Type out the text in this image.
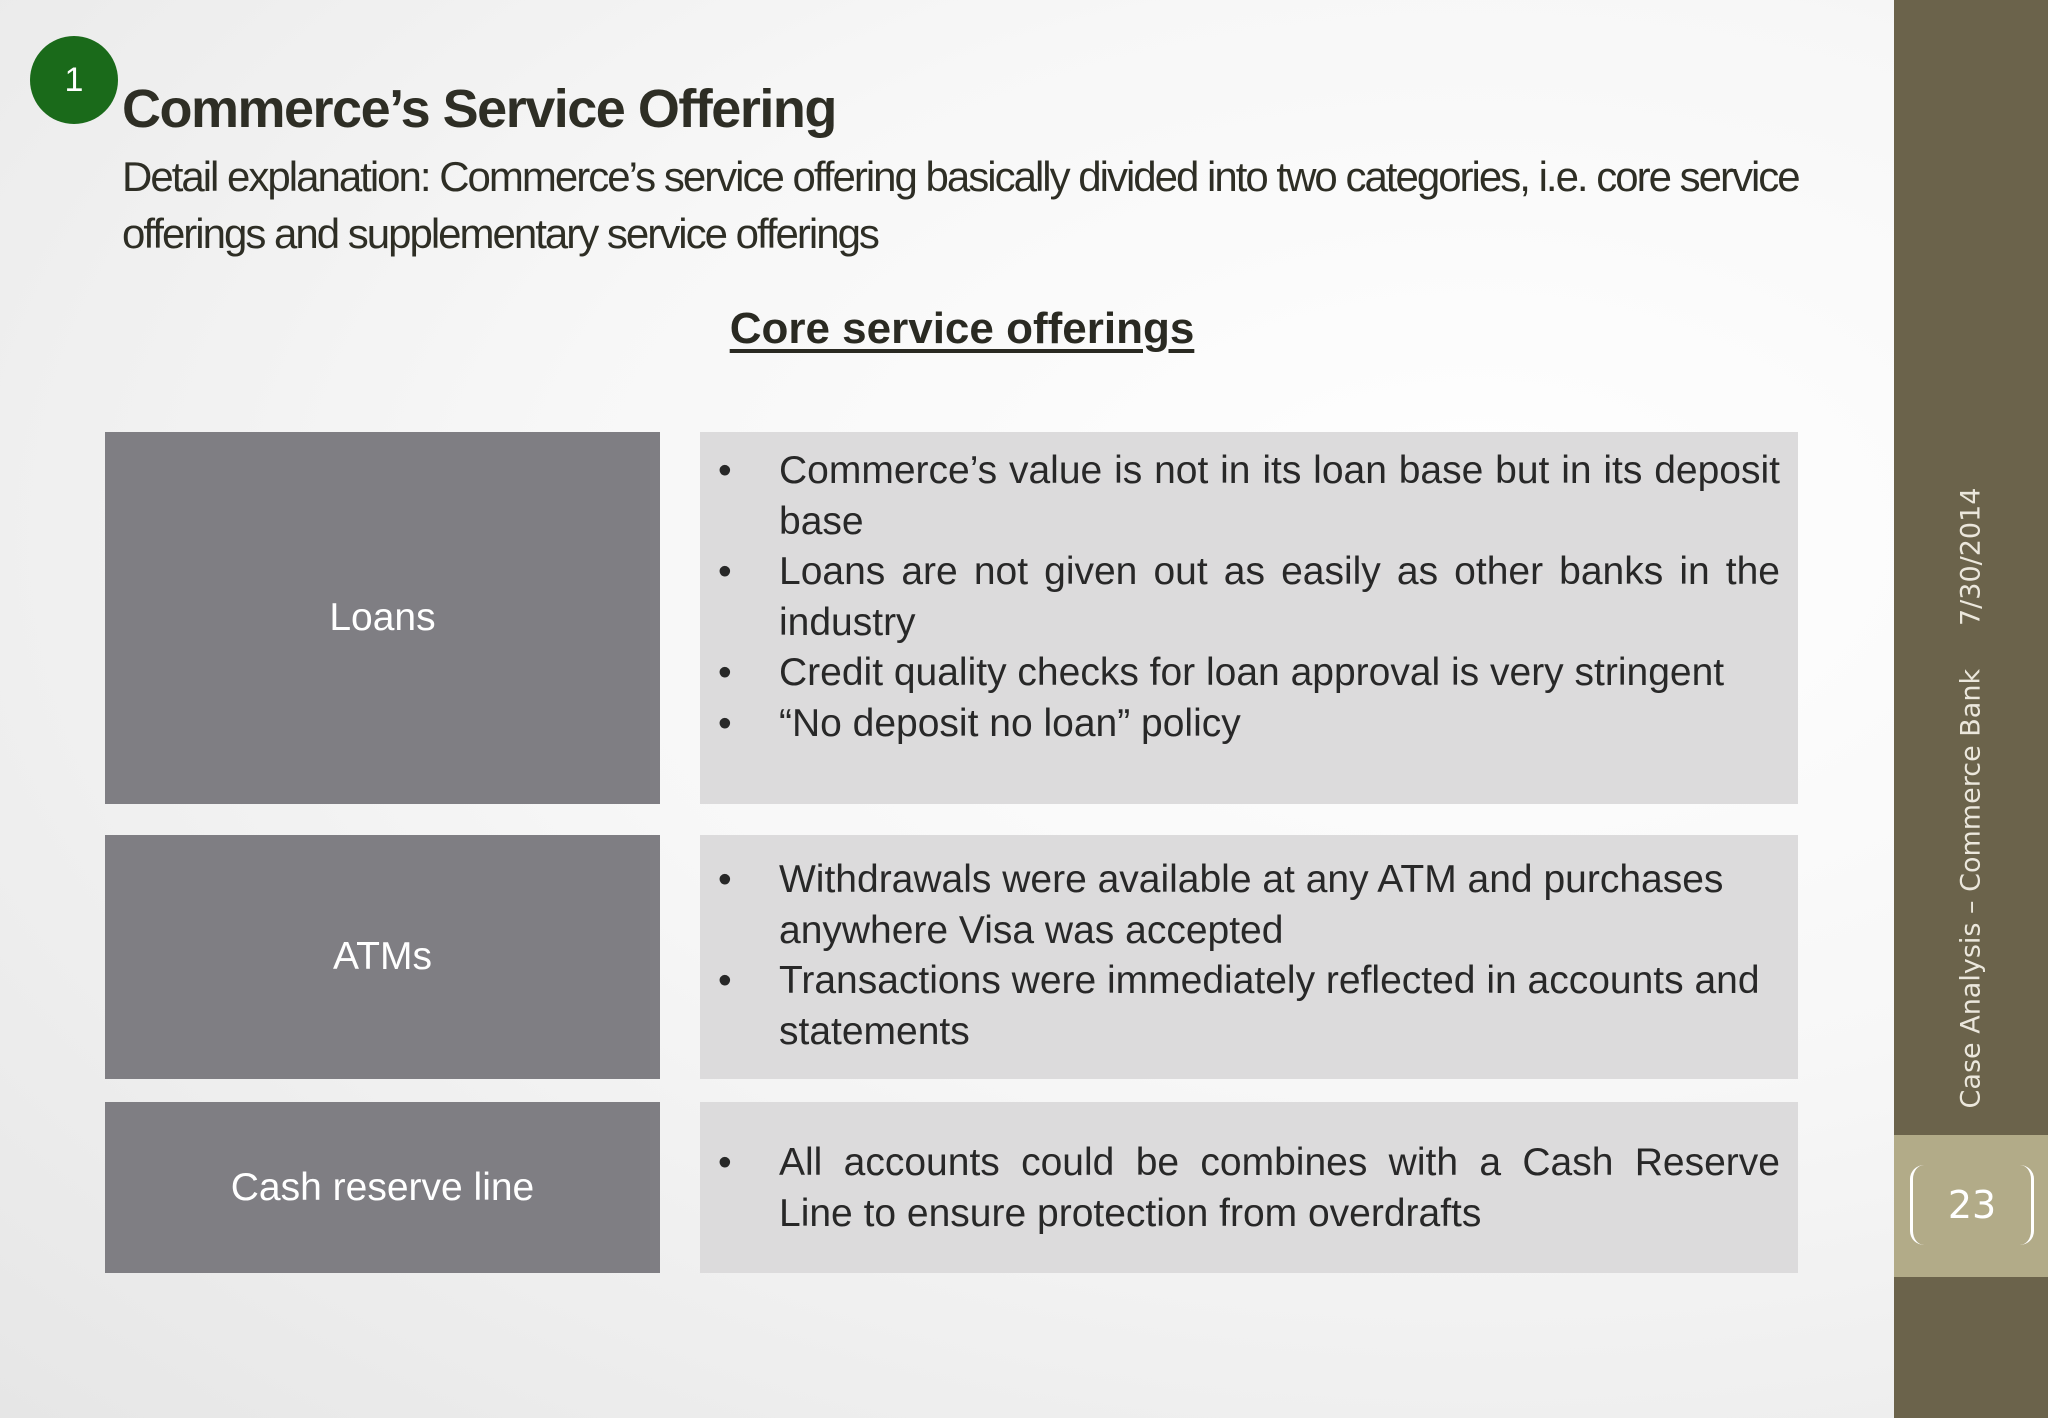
1 Commerce’s Service Offering

Detail explanation: Commerce’s service offering basically divided into two categories, i.e. core service offerings and supplementary service offerings

Core service offerings
Loans
• Commerce’s value is not in its loan base but in its deposit base
• Loans are not given out as easily as other banks in the industry
• Credit quality checks for loan approval is very stringent
• “No deposit no loan” policy
ATMs
• Withdrawals were available at any ATM and purchases anywhere Visa was accepted
• Transactions were immediately reflected in accounts and statements
Cash reserve line
• All accounts could be combines with a Cash Reserve Line to ensure protection from overdrafts
Case Analysis – Commerce Bank     7/30/2014
23
